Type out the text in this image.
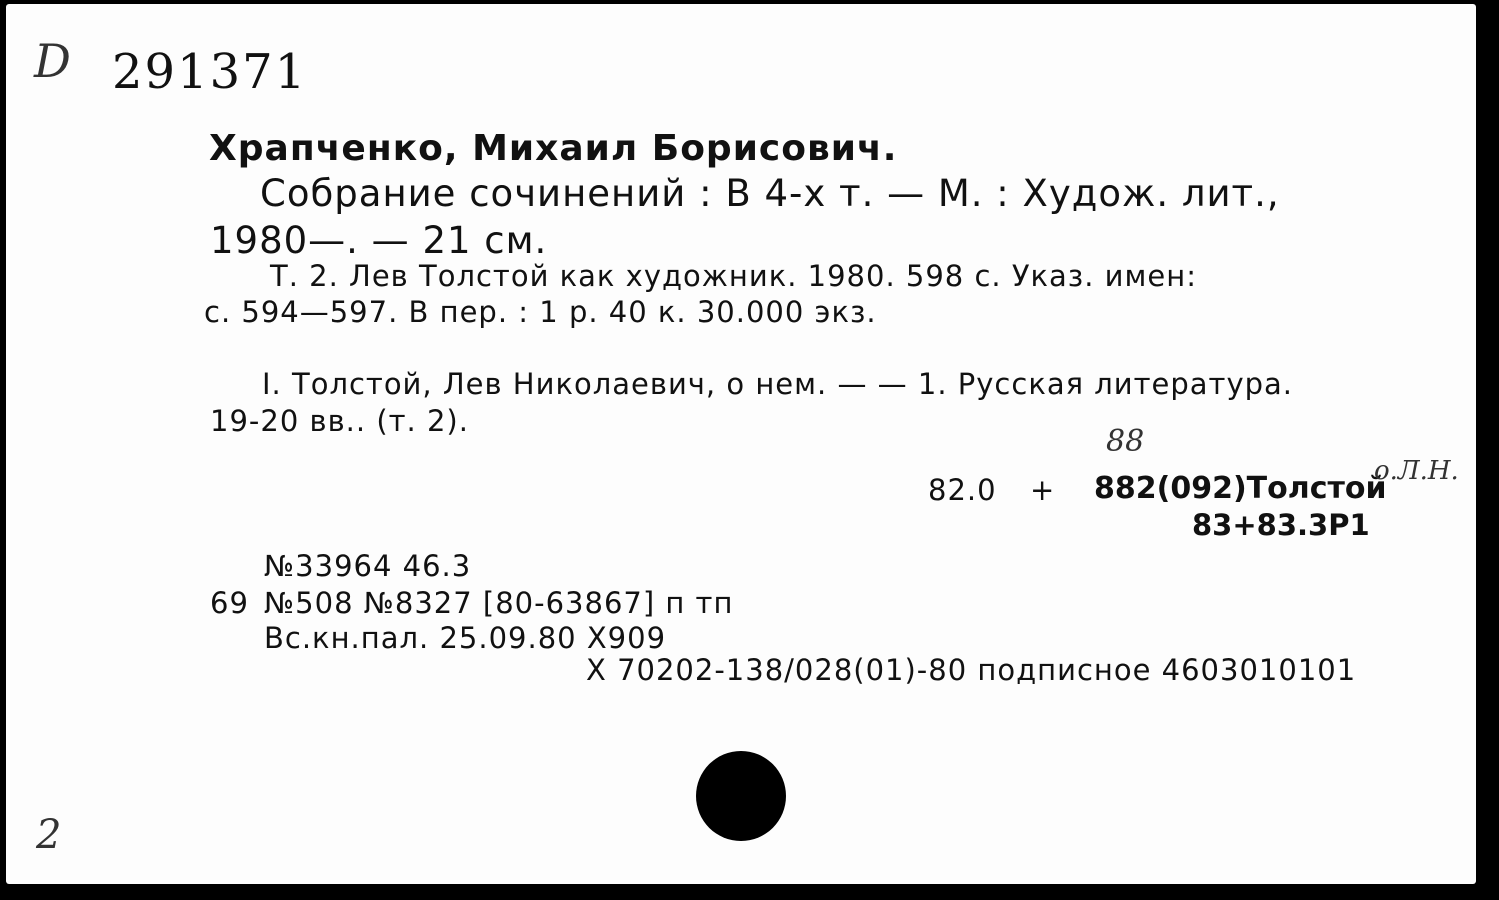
D 291371
Храпченко, Михаил Борисович.
Собрание сочинений : В 4-х т. — М. : Худож. лит.,
1980—. — 21 см.
Т. 2. Лев Толстой как художник. 1980. 598 с. Указ. имен:
с. 594—597. В пер. : 1 р. 40 к. 30.000 экз.
I. Толстой, Лев Николаевич, о нем. — — 1. Русская литература.
19-20 вв.. (т. 2).
88
82.0 + 882(092)Толстой
о.Л.Н.
83+83.3Р1
№33964 46.3
69 №508 №8327 [80-63867] п тп
Вс.кн.пал. 25.09.80 Х909
Х 70202-138/028(01)-80 подписное 4603010101
2
